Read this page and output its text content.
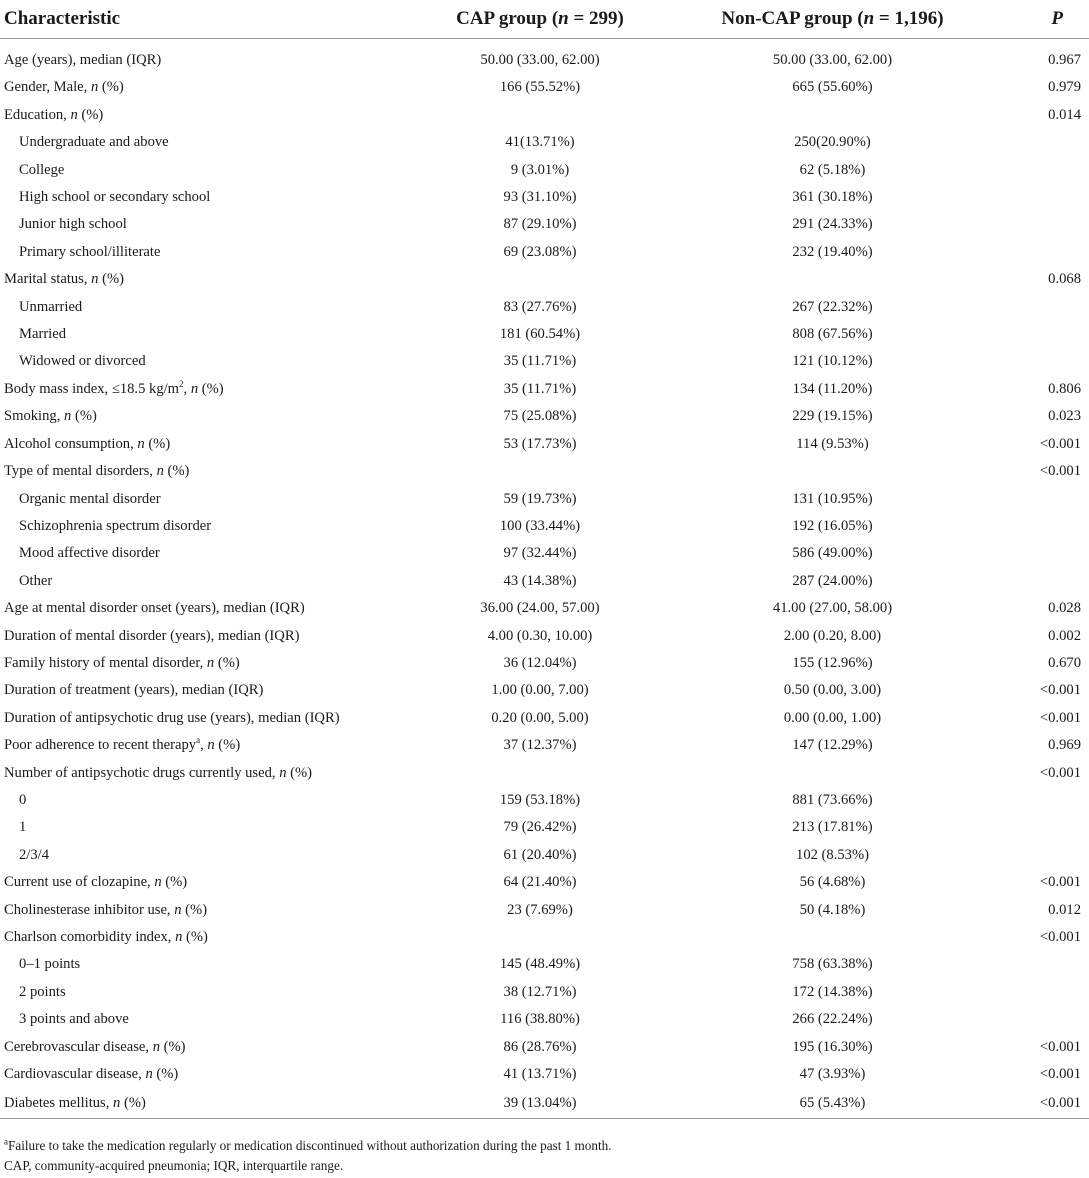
Characteristic	CAP group (n = 299)	Non-CAP group (n = 1,196)	P
Age (years), median (IQR)	50.00 (33.00, 62.00)	50.00 (33.00, 62.00)	0.967
Gender, Male, n (%)	166 (55.52%)	665 (55.60%)	0.979
Education, n (%)			0.014
Undergraduate and above	41(13.71%)	250(20.90%)	
College	9 (3.01%)	62 (5.18%)	
High school or secondary school	93 (31.10%)	361 (30.18%)	
Junior high school	87 (29.10%)	291 (24.33%)	
Primary school/illiterate	69 (23.08%)	232 (19.40%)	
Marital status, n (%)			0.068
Unmarried	83 (27.76%)	267 (22.32%)	
Married	181 (60.54%)	808 (67.56%)	
Widowed or divorced	35 (11.71%)	121 (10.12%)	
Body mass index, ≤18.5 $kg/m^2$, n (%)	35 (11.71%)	134 (11.20%)	0.806
Smoking, n (%)	75 (25.08%)	229 (19.15%)	0.023
Alcohol consumption, n (%)	53 (17.73%)	114 (9.53%)	<0.001
Type of mental disorders, n (%)			<0.001
Organic mental disorder	59 (19.73%)	131 (10.95%)	
Schizophrenia spectrum disorder	100 (33.44%)	192 (16.05%)	
Mood affective disorder	97 (32.44%)	586 (49.00%)	
Other	43 (14.38%)	287 (24.00%)	
Age at mental disorder onset (years), median (IQR)	36.00 (24.00, 57.00)	41.00 (27.00, 58.00)	0.028
Duration of mental disorder (years), median (IQR)	4.00 (0.30, 10.00)	2.00 (0.20, 8.00)	0.002
Family history of mental disorder, n (%)	36 (12.04%)	155 (12.96%)	0.670
Duration of treatment (years), median (IQR)	1.00 (0.00, 7.00)	0.50 (0.00, 3.00)	<0.001
Duration of antipsychotic drug use (years), median (IQR)	0.20 (0.00, 5.00)	0.00 (0.00, 1.00)	<0.001
Poor adherence to recent therapy$^a$, n (%)	37 (12.37%)	147 (12.29%)	0.969
Number of antipsychotic drugs currently used, n (%)			<0.001
0	159 (53.18%)	881 (73.66%)	
1	79 (26.42%)	213 (17.81%)	
2/3/4	61 (20.40%)	102 (8.53%)	
Current use of clozapine, n (%)	64 (21.40%)	56 (4.68%)	<0.001
Cholinesterase inhibitor use, n (%)	23 (7.69%)	50 (4.18%)	0.012
Charlson comorbidity index, n (%)			<0.001
0–1 points	145 (48.49%)	758 (63.38%)	
2 points	38 (12.71%)	172 (14.38%)	
3 points and above	116 (38.80%)	266 (22.24%)	
Cerebrovascular disease, n (%)	86 (28.76%)	195 (16.30%)	<0.001
Cardiovascular disease, n (%)	41 (13.71%)	47 (3.93%)	<0.001
Diabetes mellitus, n (%)	39 (13.04%)	65 (5.43%)	<0.001
$^a$Failure to take the medication regularly or medication discontinued without authorization during the past 1 month.
CAP, community-acquired pneumonia; IQR, interquartile range.
